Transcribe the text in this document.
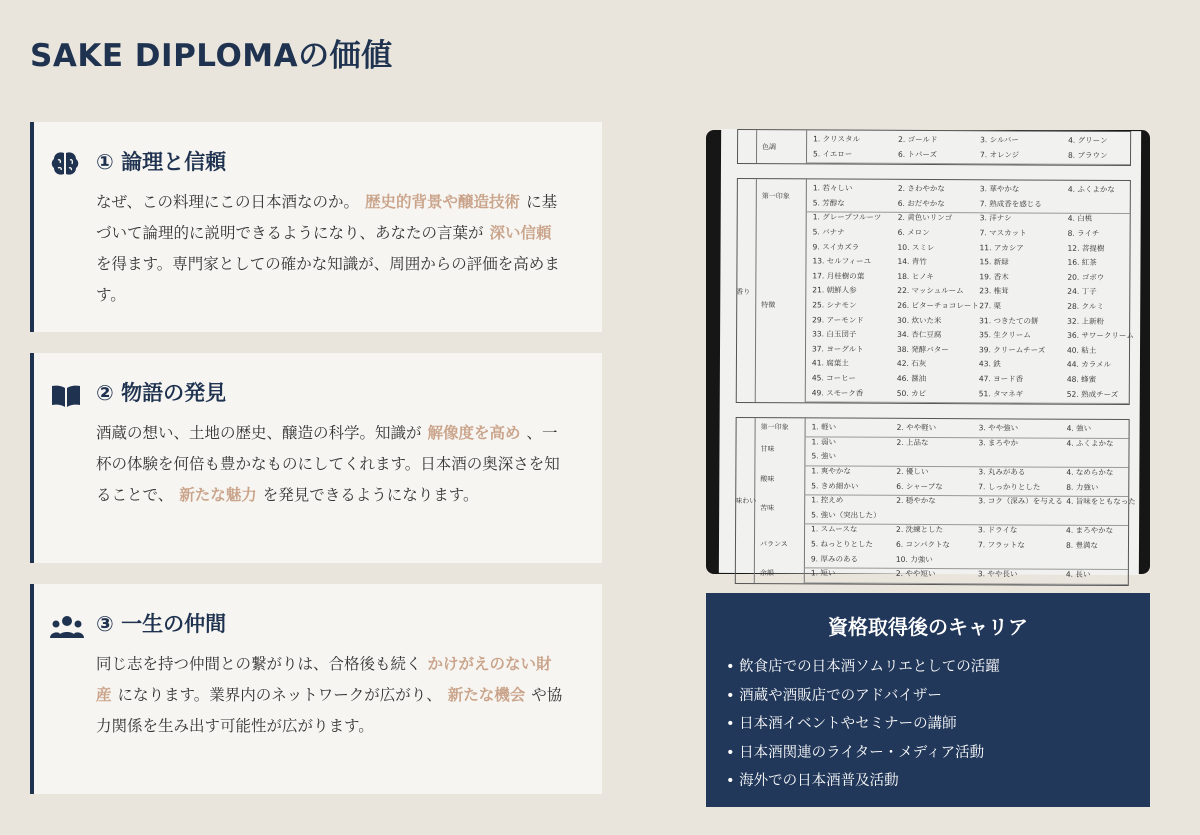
SAKE DIPLOMAの価値
① 論理と信頼
なぜ、この料理にこの日本酒なのか。 歴史的背景や醸造技術 に基づいて論理的に説明できるようになり、あなたの言葉が 深い信頼を得ます。専門家としての確かな知識が、周囲からの評価を高めます。
② 物語の発見
酒蔵の想い、土地の歴史、醸造の科学。知識が 解像度を高め 、一杯の体験を何倍も豊かなものにしてくれます。日本酒の奥深さを知ることで、 新たな魅力 を発見できるようになります。
③ 一生の仲間
同じ志を持つ仲間との繋がりは、合格後も続く かけがえのない財産 になります。業界内のネットワークが広がり、 新たな機会 や協力関係を生み出す可能性が広がります。
色調
1. クリスタル	2. ゴールド	3. シルバー	4. グリーン
5. イエロー	6. トパーズ	7. オレンジ	8. ブラウン
香り
第一印象
1. 若々しい	2. さわやかな	3. 華やかな	4. ふくよかな
5. 芳醇な	6. おだやかな	7. 熟成香を感じる
特徴
1. グレープフルーツ 2. 黄色いリンゴ	3. 洋ナシ	4. 白桃
5. バナナ	6. メロン	7. マスカット	8. ライチ
9. スイカズラ	10. スミレ	11. アカシア	12. 菩提樹
13. セルフィーユ	14. 青竹	15. 新緑	16. 紅茶
17. 月桂樹の葉	18. ヒノキ	19. 香木	20. ゴボウ
21. 朝鮮人参	22. マッシュルーム 23. 椎茸	24. 丁子
25. シナモン	26. ビターチョコレート 27. 栗	28. クルミ
29. アーモンド	30. 炊いた米	31. つきたての餅	32. 上新粉
33. 白玉団子	34. 杏仁豆腐	35. 生クリーム	36. サワークリーム
37. ヨーグルト	38. 発酵バター	39. クリームチーズ	40. 粘土
41. 腐葉土	42. 石灰	43. 鉄	44. カラメル
45. コーヒー	46. 醤油	47. ヨード香	48. 蜂蜜
49. スモーク香	50. カビ	51. タマネギ	52. 熟成チーズ
味わい
第一印象	1. 軽い	2. やや軽い	3. やや強い	4. 強い
甘味
1. 弱い	2. 上品な	3. まろやか	4. ふくよかな
5. 強い
酸味
1. 爽やかな	2. 優しい	3. 丸みがある	4. なめらかな
5. きめ細かい	6. シャープな	7. しっかりとした	8. 力強い
苦味
1. 控えめ	2. 穏やかな	3. コク（深み）を与える 4. 旨味をともなった
5. 強い（突出した）
バランス
1. スムースな	2. 洗練とした	3. ドライな	4. まろやかな
5. ねっとりとした	6. コンパクトな	7. フラットな	8. 豊満な
9. 厚みのある	10. 力強い
余韻	1. 短い	2. やや短い	3. やや長い	4. 長い
資格取得後のキャリア
• 飲食店での日本酒ソムリエとしての活躍
• 酒蔵や酒販店でのアドバイザー
• 日本酒イベントやセミナーの講師
• 日本酒関連のライター・メディア活動
• 海外での日本酒普及活動
